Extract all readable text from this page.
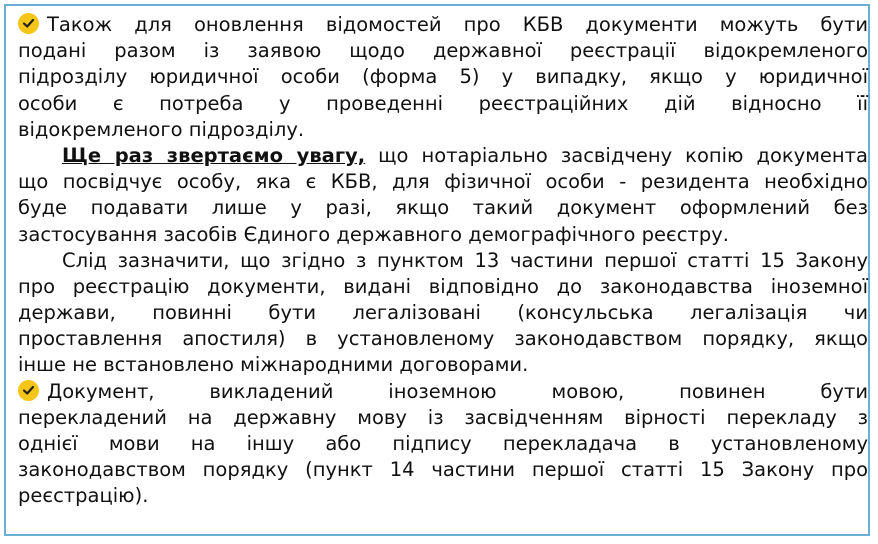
Також для оновлення відомостей про КБВ документи можуть бути
подані разом із заявою щодо державної реєстрації відокремленого
підрозділу юридичної особи (форма 5) у випадку, якщо у юридичної
особи є потреба у проведенні реєстраційних дій відносно її
відокремленого підрозділу.
Ще раз звертаємо увагу, що нотаріально засвідчену копію документа
що посвідчує особу, яка є КБВ, для фізичної особи - резидента необхідно
буде подавати лише у разі, якщо такий документ оформлений без
застосування засобів Єдиного державного демографічного реєстру.
Слід зазначити, що згідно з пунктом 13 частини першої статті 15 Закону
про реєстрацію документи, видані відповідно до законодавства іноземної
держави, повинні бути легалізовані (консульська легалізація чи
проставлення апостиля) в установленому законодавством порядку, якщо
інше не встановлено міжнародними договорами.
Документ, викладений іноземною мовою, повинен бути
перекладений на державну мову із засвідченням вірності перекладу з
однієї мови на іншу або підпису перекладача в установленому
законодавством порядку (пункт 14 частини першої статті 15 Закону про
реєстрацію).
